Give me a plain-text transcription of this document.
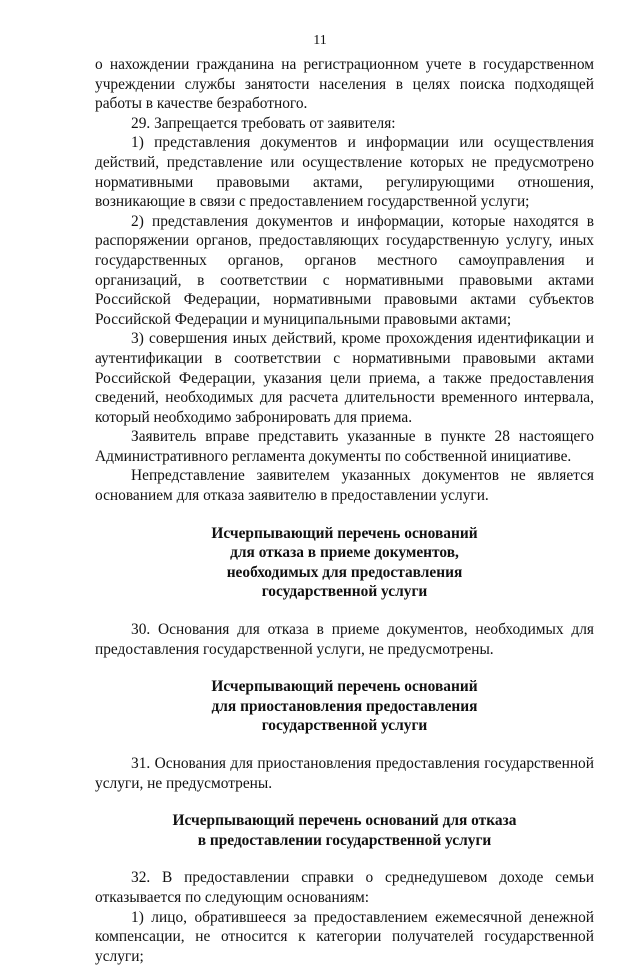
11

о нахождении гражданина на регистрационном учете в государственном учреждении службы занятости населения в целях поиска подходящей работы в качестве безработного.

29. Запрещается требовать от заявителя:

1) представления документов и информации или осуществления действий, представление или осуществление которых не предусмотрено нормативными правовыми актами, регулирующими отношения, возникающие в связи с предоставлением государственной услуги;

2) представления документов и информации, которые находятся в распоряжении органов, предоставляющих государственную услугу, иных государственных органов, органов местного самоуправления и организаций, в соответствии с нормативными правовыми актами Российской Федерации, нормативными правовыми актами субъектов Российской Федерации и муниципальными правовыми актами;

3) совершения иных действий, кроме прохождения идентификации и аутентификации в соответствии с нормативными правовыми актами Российской Федерации, указания цели приема, а также предоставления сведений, необходимых для расчета длительности временного интервала, который необходимо забронировать для приема.

Заявитель вправе представить указанные в пункте 28 настоящего Административного регламента документы по собственной инициативе.

Непредставление заявителем указанных документов не является основанием для отказа заявителю в предоставлении услуги.

Исчерпывающий перечень оснований
для отказа в приеме документов,
необходимых для предоставления
государственной услуги

30. Основания для отказа в приеме документов, необходимых для предоставления государственной услуги, не предусмотрены.

Исчерпывающий перечень оснований
для приостановления предоставления
государственной услуги

31. Основания для приостановления предоставления государственной услуги, не предусмотрены.

Исчерпывающий перечень оснований для отказа
в предоставлении государственной услуги

32. В предоставлении справки о среднедушевом доходе семьи отказывается по следующим основаниям:

1) лицо, обратившееся за предоставлением ежемесячной денежной компенсации, не относится к категории получателей государственной услуги;
